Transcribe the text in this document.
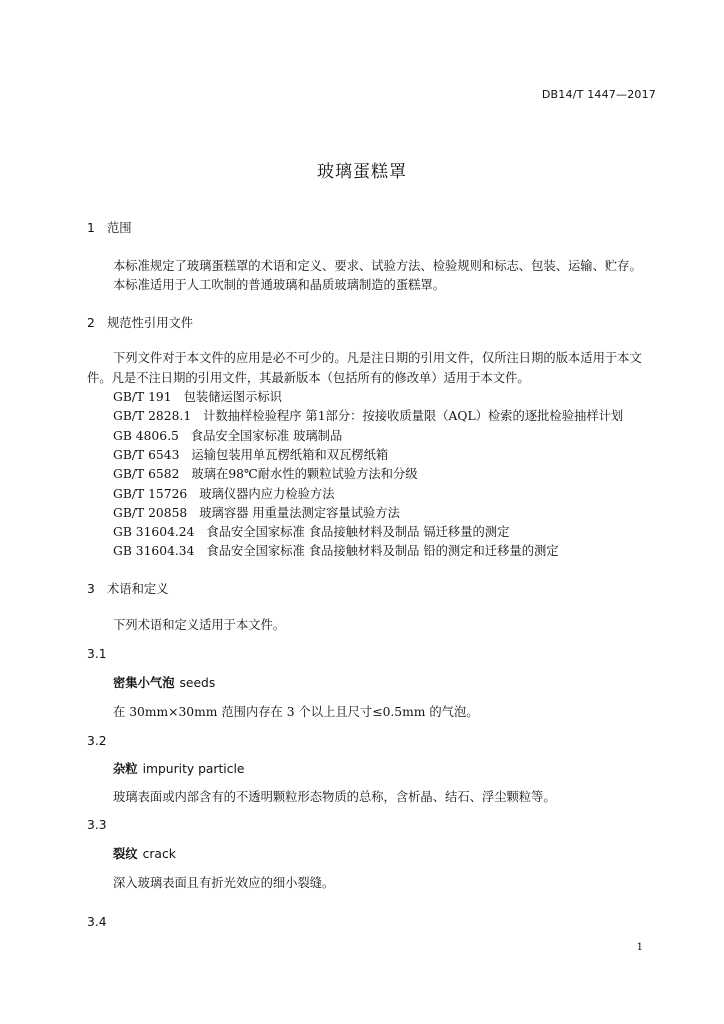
DB14/T 1447—2017
玻璃蛋糕罩
1 范围
本标准规定了玻璃蛋糕罩的术语和定义、要求、试验方法、检验规则和标志、包装、运输、贮存。
本标准适用于人工吹制的普通玻璃和晶质玻璃制造的蛋糕罩。
2 规范性引用文件
下列文件对于本文件的应用是必不可少的。凡是注日期的引用文件，仅所注日期的版本适用于本文
件。凡是不注日期的引用文件，其最新版本（包括所有的修改单）适用于本文件。
GB/T 191 包装储运图示标识
GB/T 2828.1 计数抽样检验程序 第1部分：按接收质量限（AQL）检索的逐批检验抽样计划
GB 4806.5 食品安全国家标准 玻璃制品
GB/T 6543 运输包装用单瓦楞纸箱和双瓦楞纸箱
GB/T 6582 玻璃在98℃耐水性的颗粒试验方法和分级
GB/T 15726 玻璃仪器内应力检验方法
GB/T 20858 玻璃容器 用重量法测定容量试验方法
GB 31604.24 食品安全国家标准 食品接触材料及制品 镉迁移量的测定
GB 31604.34 食品安全国家标准 食品接触材料及制品 铅的测定和迁移量的测定
3 术语和定义
下列术语和定义适用于本文件。
3.1
密集小气泡 seeds
在 30mm×30mm 范围内存在 3 个以上且尺寸≤0.5mm 的气泡。
3.2
杂粒 impurity particle
玻璃表面或内部含有的不透明颗粒形态物质的总称，含析晶、结石、浮尘颗粒等。
3.3
裂纹 crack
深入玻璃表面且有折光效应的细小裂缝。
3.4
1
